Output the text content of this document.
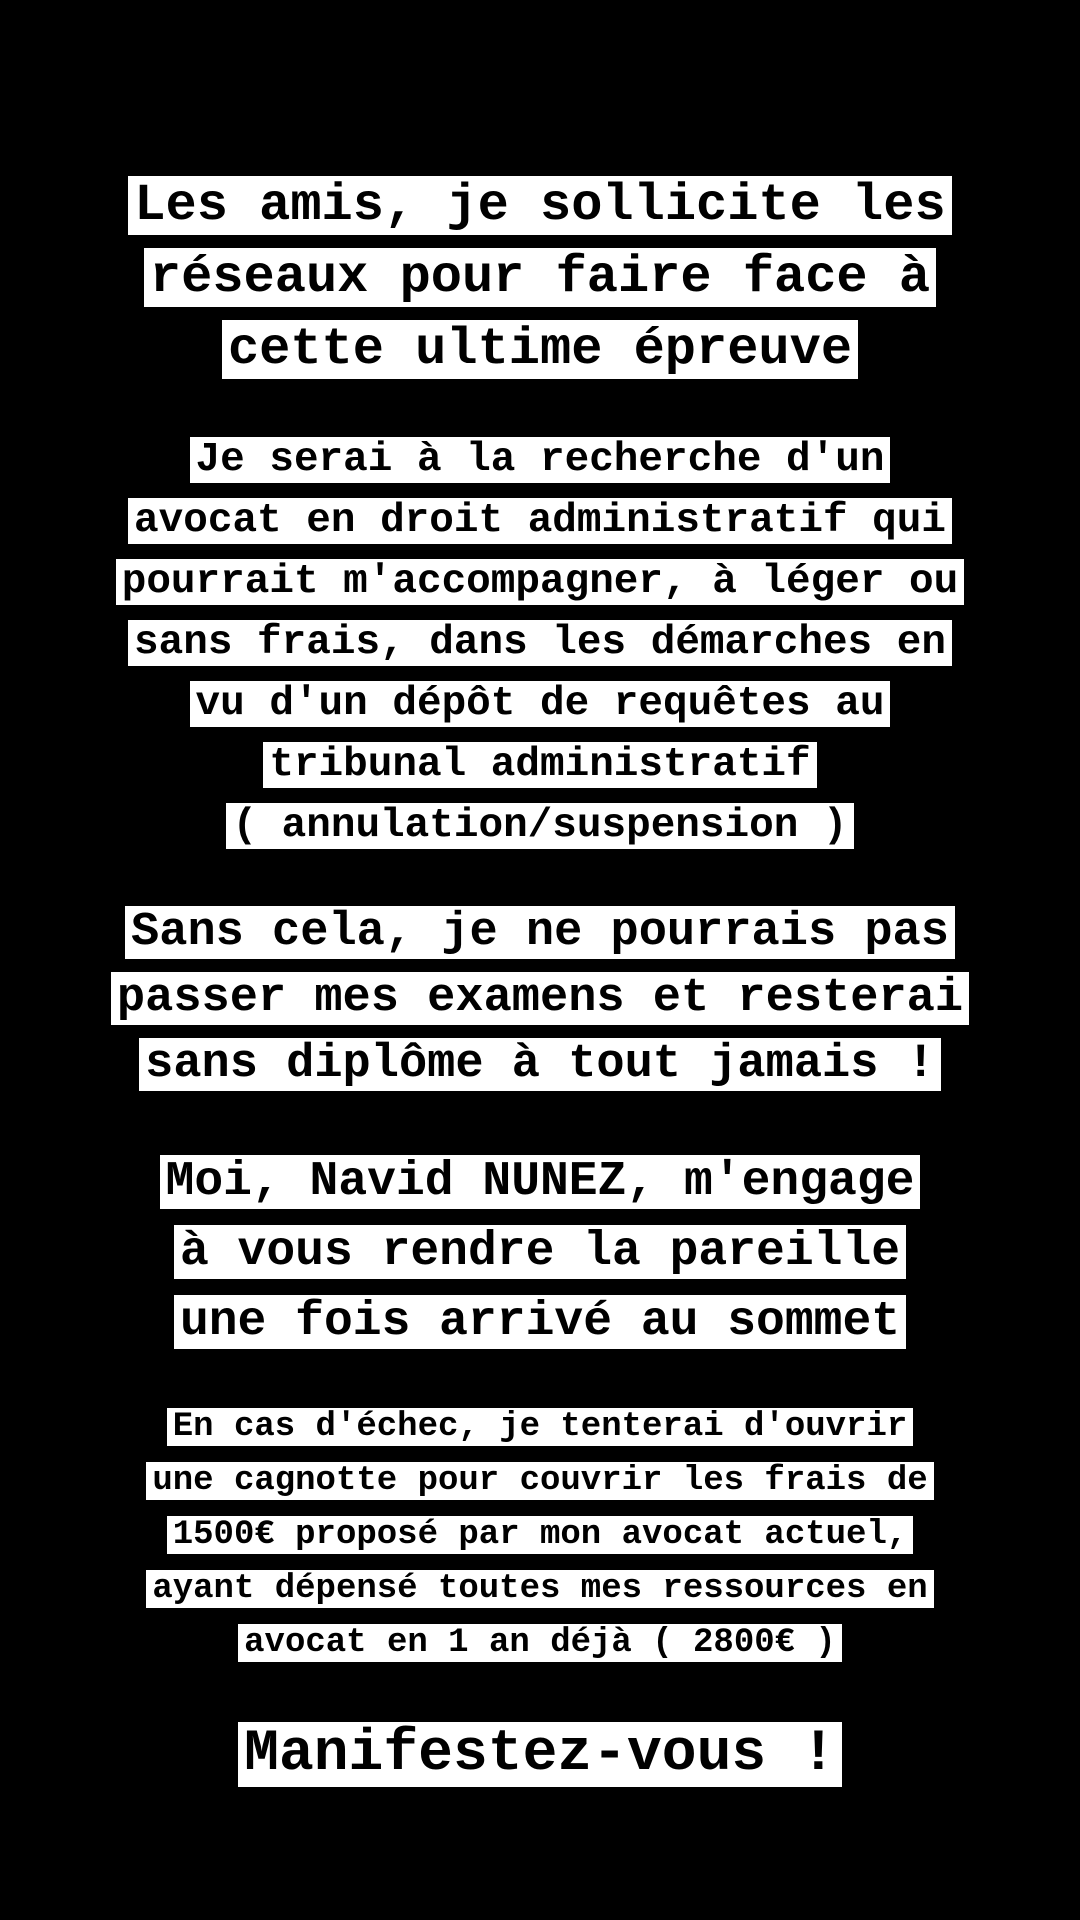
Les amis, je sollicite les
réseaux pour faire face à
cette ultime épreuve
Je serai à la recherche d'un
avocat en droit administratif qui
pourrait m'accompagner, à léger ou
sans frais, dans les démarches en
vu d'un dépôt de requêtes au
tribunal administratif
( annulation/suspension )
Sans cela, je ne pourrais pas
passer mes examens et resterai
sans diplôme à tout jamais !
Moi, Navid NUNEZ, m'engage
à vous rendre la pareille
une fois arrivé au sommet
En cas d'échec, je tenterai d'ouvrir
une cagnotte pour couvrir les frais de
1500€ proposé par mon avocat actuel,
ayant dépensé toutes mes ressources en
avocat en 1 an déjà ( 2800€ )
Manifestez-vous !
